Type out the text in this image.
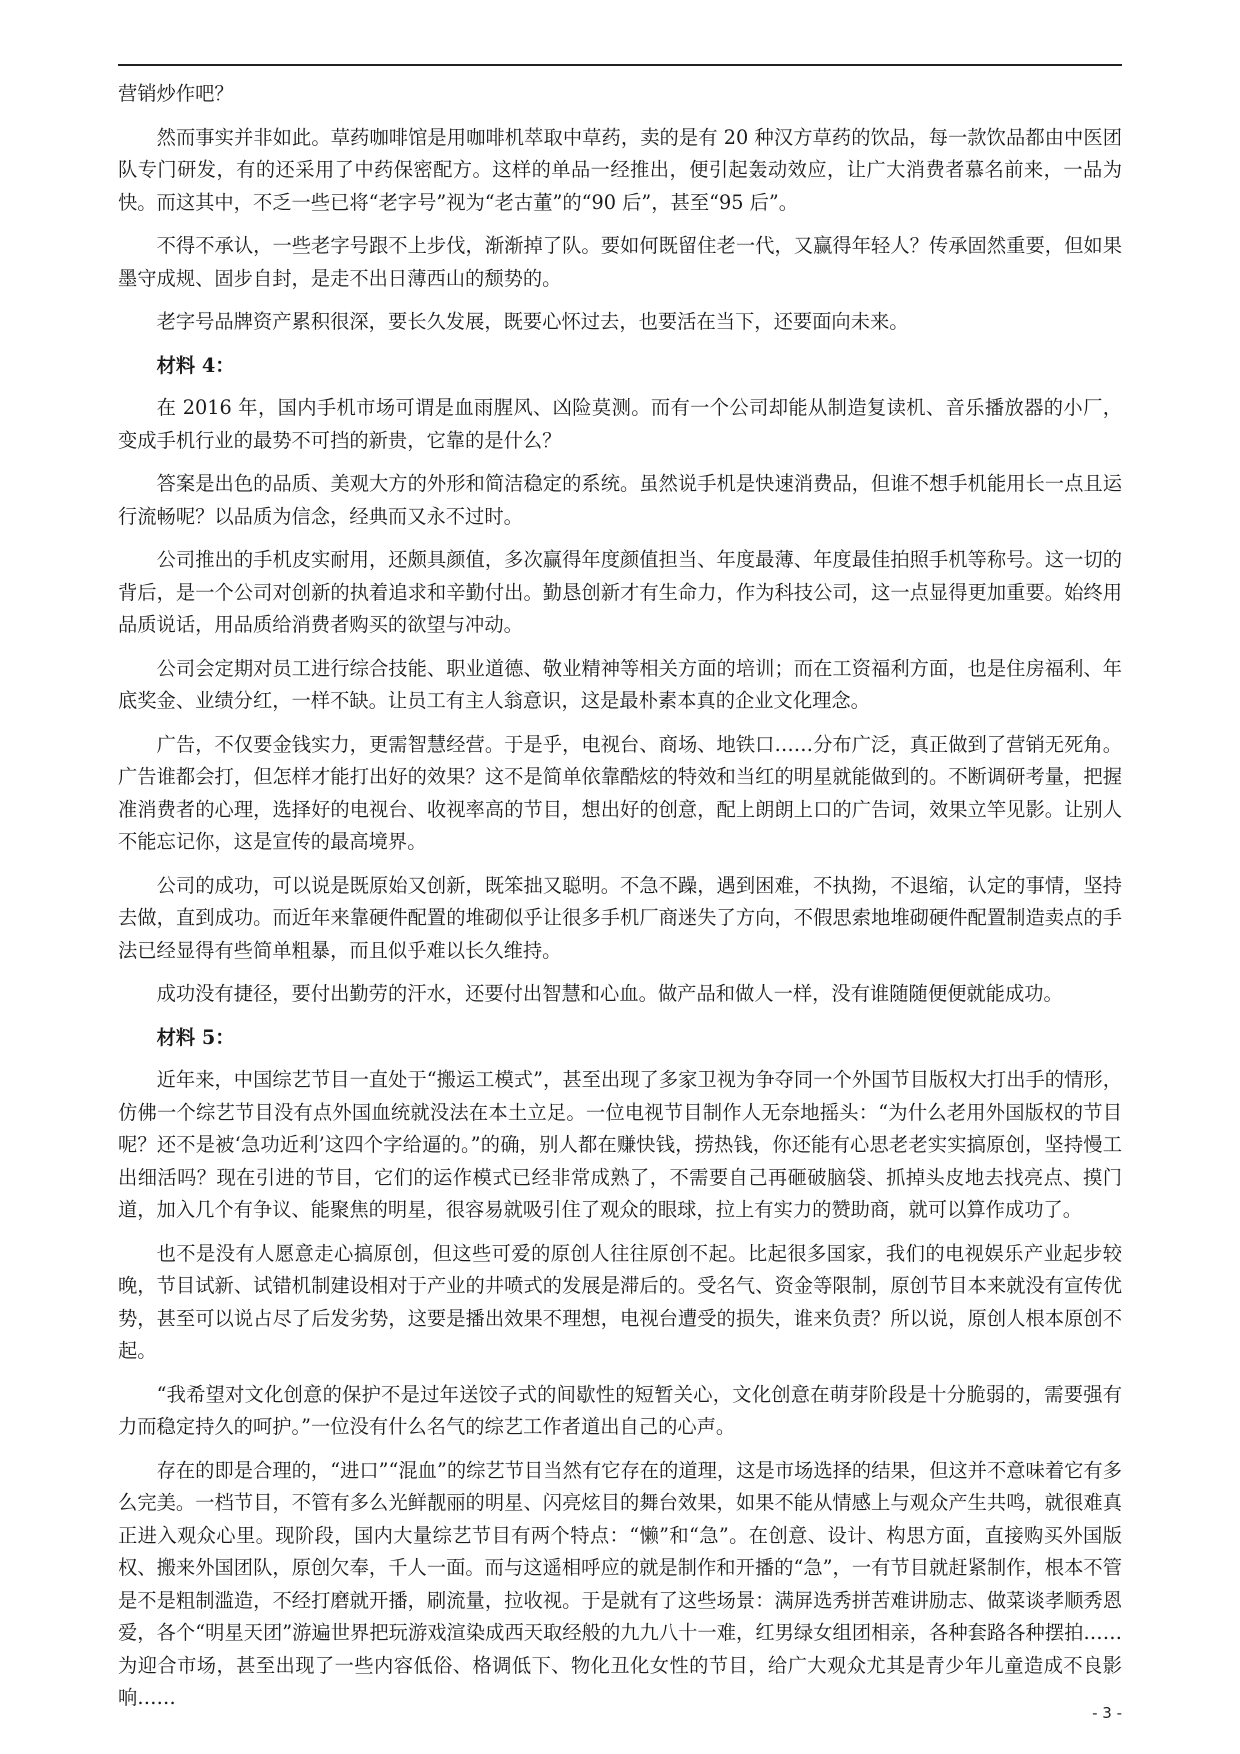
营销炒作吧？

然而事实并非如此。草药咖啡馆是用咖啡机萃取中草药，卖的是有 20 种汉方草药的饮品，每一款饮品都由中医团队专门研发，有的还采用了中药保密配方。这样的单品一经推出，便引起轰动效应，让广大消费者慕名前来，一品为快。而这其中，不乏一些已将“老字号”视为“老古董”的“90 后”，甚至“95 后”。

不得不承认，一些老字号跟不上步伐，渐渐掉了队。要如何既留住老一代，又赢得年轻人？传承固然重要，但如果墨守成规、固步自封，是走不出日薄西山的颓势的。

老字号品牌资产累积很深，要长久发展，既要心怀过去，也要活在当下，还要面向未来。

材料 4：

在 2016 年，国内手机市场可谓是血雨腥风、凶险莫测。而有一个公司却能从制造复读机、音乐播放器的小厂，变成手机行业的最势不可挡的新贵，它靠的是什么？

答案是出色的品质、美观大方的外形和简洁稳定的系统。虽然说手机是快速消费品，但谁不想手机能用长一点且运行流畅呢？以品质为信念，经典而又永不过时。

公司推出的手机皮实耐用，还颇具颜值，多次赢得年度颜值担当、年度最薄、年度最佳拍照手机等称号。这一切的背后，是一个公司对创新的执着追求和辛勤付出。勤恳创新才有生命力，作为科技公司，这一点显得更加重要。始终用品质说话，用品质给消费者购买的欲望与冲动。

公司会定期对员工进行综合技能、职业道德、敬业精神等相关方面的培训；而在工资福利方面，也是住房福利、年底奖金、业绩分红，一样不缺。让员工有主人翁意识，这是最朴素本真的企业文化理念。

广告，不仅要金钱实力，更需智慧经营。于是乎，电视台、商场、地铁口……分布广泛，真正做到了营销无死角。广告谁都会打，但怎样才能打出好的效果？这不是简单依靠酷炫的特效和当红的明星就能做到的。不断调研考量，把握准消费者的心理，选择好的电视台、收视率高的节目，想出好的创意，配上朗朗上口的广告词，效果立竿见影。让别人不能忘记你，这是宣传的最高境界。

公司的成功，可以说是既原始又创新，既笨拙又聪明。不急不躁，遇到困难，不执拗，不退缩，认定的事情，坚持去做，直到成功。而近年来靠硬件配置的堆砌似乎让很多手机厂商迷失了方向，不假思索地堆砌硬件配置制造卖点的手法已经显得有些简单粗暴，而且似乎难以长久维持。

成功没有捷径，要付出勤劳的汗水，还要付出智慧和心血。做产品和做人一样，没有谁随随便便就能成功。

材料 5：

近年来，中国综艺节目一直处于“搬运工模式”，甚至出现了多家卫视为争夺同一个外国节目版权大打出手的情形，仿佛一个综艺节目没有点外国血统就没法在本土立足。一位电视节目制作人无奈地摇头：“为什么老用外国版权的节目呢？还不是被‘急功近利’这四个字给逼的。”的确，别人都在赚快钱，捞热钱，你还能有心思老老实实搞原创，坚持慢工出细活吗？现在引进的节目，它们的运作模式已经非常成熟了，不需要自己再砸破脑袋、抓掉头皮地去找亮点、摸门道，加入几个有争议、能聚焦的明星，很容易就吸引住了观众的眼球，拉上有实力的赞助商，就可以算作成功了。

也不是没有人愿意走心搞原创，但这些可爱的原创人往往原创不起。比起很多国家，我们的电视娱乐产业起步较晚，节目试新、试错机制建设相对于产业的井喷式的发展是滞后的。受名气、资金等限制，原创节目本来就没有宣传优势，甚至可以说占尽了后发劣势，这要是播出效果不理想，电视台遭受的损失，谁来负责？所以说，原创人根本原创不起。

“我希望对文化创意的保护不是过年送饺子式的间歇性的短暂关心，文化创意在萌芽阶段是十分脆弱的，需要强有力而稳定持久的呵护。”一位没有什么名气的综艺工作者道出自己的心声。

存在的即是合理的，“进口”“混血”的综艺节目当然有它存在的道理，这是市场选择的结果，但这并不意味着它有多么完美。一档节目，不管有多么光鲜靓丽的明星、闪亮炫目的舞台效果，如果不能从情感上与观众产生共鸣，就很难真正进入观众心里。现阶段，国内大量综艺节目有两个特点：“懒”和“急”。在创意、设计、构思方面，直接购买外国版权、搬来外国团队，原创欠奉，千人一面。而与这遥相呼应的就是制作和开播的“急”，一有节目就赶紧制作，根本不管是不是粗制滥造，不经打磨就开播，刷流量，拉收视。于是就有了这些场景：满屏选秀拼苦难讲励志、做菜谈孝顺秀恩爱，各个“明星天团”游遍世界把玩游戏渲染成西天取经般的九九八十一难，红男绿女组团相亲，各种套路各种摆拍……为迎合市场，甚至出现了一些内容低俗、格调低下、物化丑化女性的节目，给广大观众尤其是青少年儿童造成不良影响……

- 3 -
